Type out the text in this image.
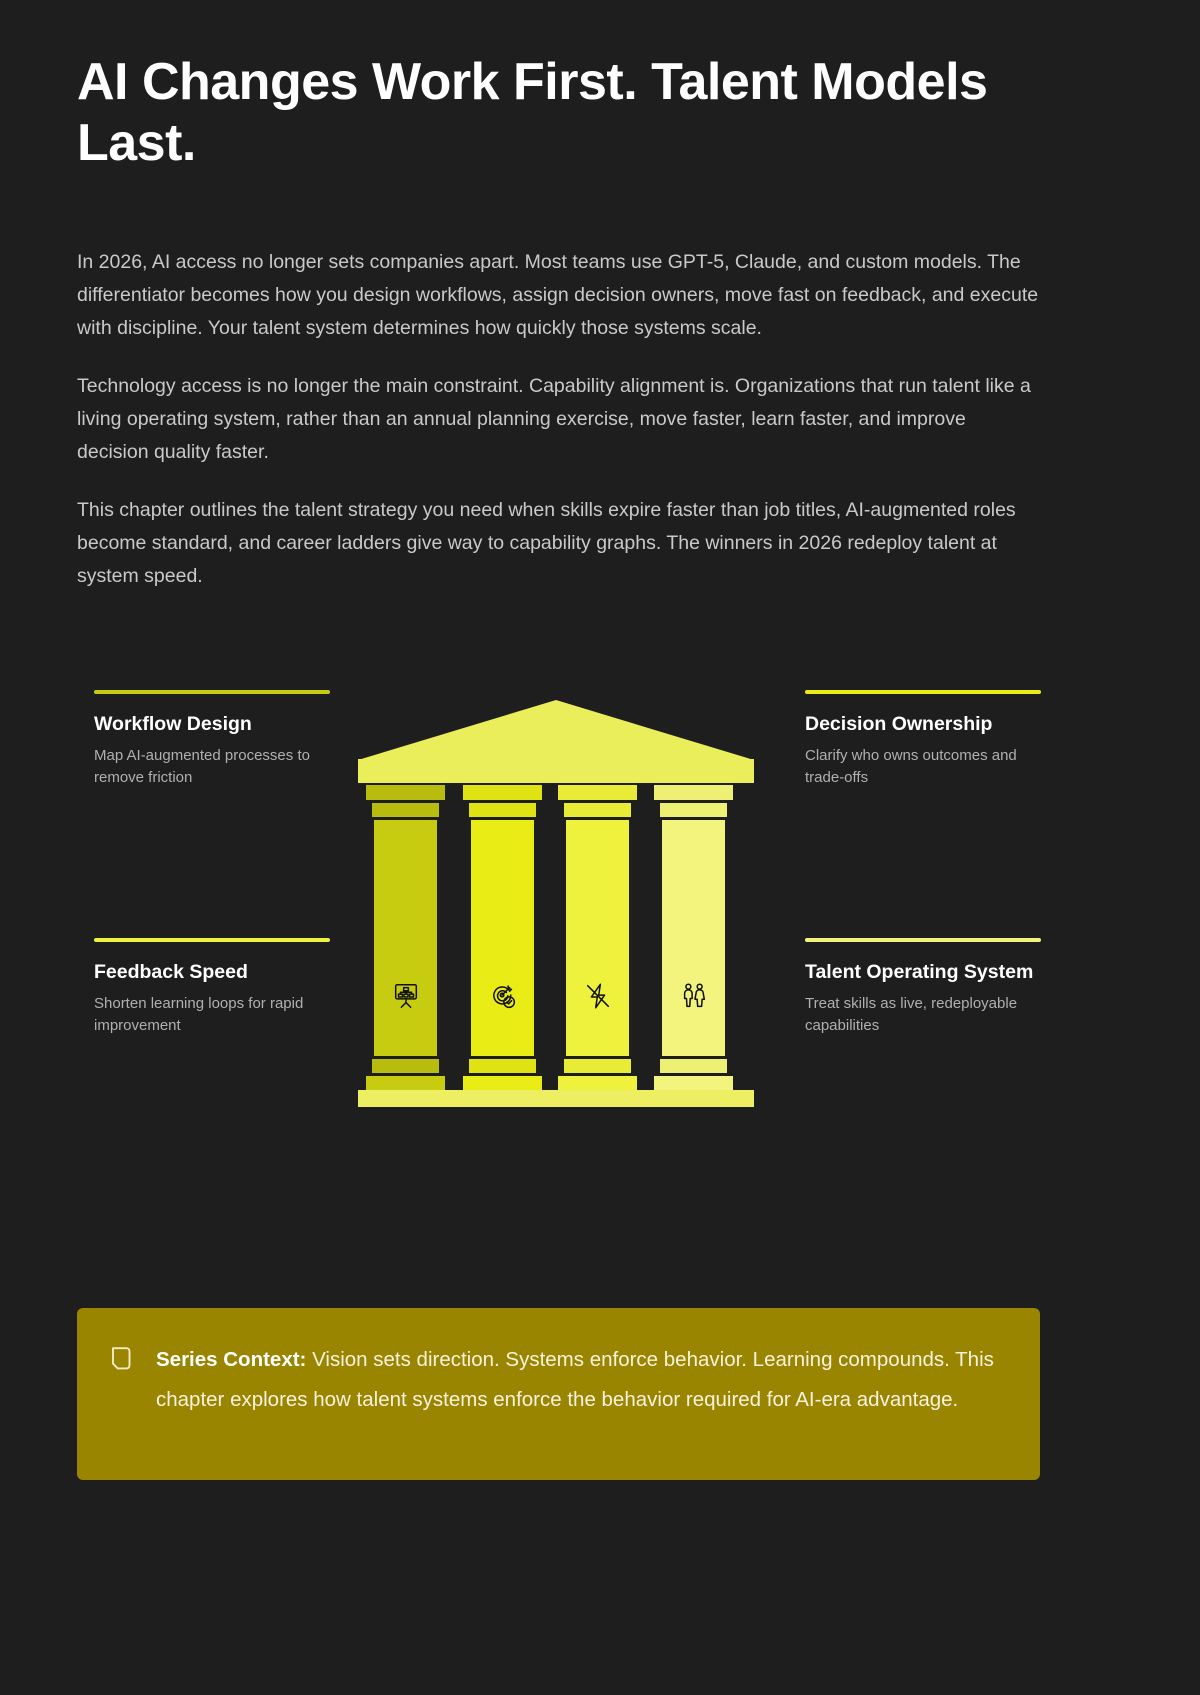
AI Changes Work First. Talent Models Last.

In 2026, AI access no longer sets companies apart. Most teams use GPT-5, Claude, and custom models. The differentiator becomes how you design workflows, assign decision owners, move fast on feedback, and execute with discipline. Your talent system determines how quickly those systems scale.

Technology access is no longer the main constraint. Capability alignment is. Organizations that run talent like a living operating system, rather than an annual planning exercise, move faster, learn faster, and improve decision quality faster.

This chapter outlines the talent strategy you need when skills expire faster than job titles, AI-augmented roles become standard, and career ladders give way to capability graphs. The winners in 2026 redeploy talent at system speed.

Workflow Design
Map AI-augmented processes to remove friction
Decision Ownership
Clarify who owns outcomes and trade-offs
Feedback Speed
Shorten learning loops for rapid improvement
Talent Operating System
Treat skills as live, redeployable capabilities
Series Context: Vision sets direction. Systems enforce behavior. Learning compounds. This chapter explores how talent systems enforce the behavior required for AI-era advantage.
